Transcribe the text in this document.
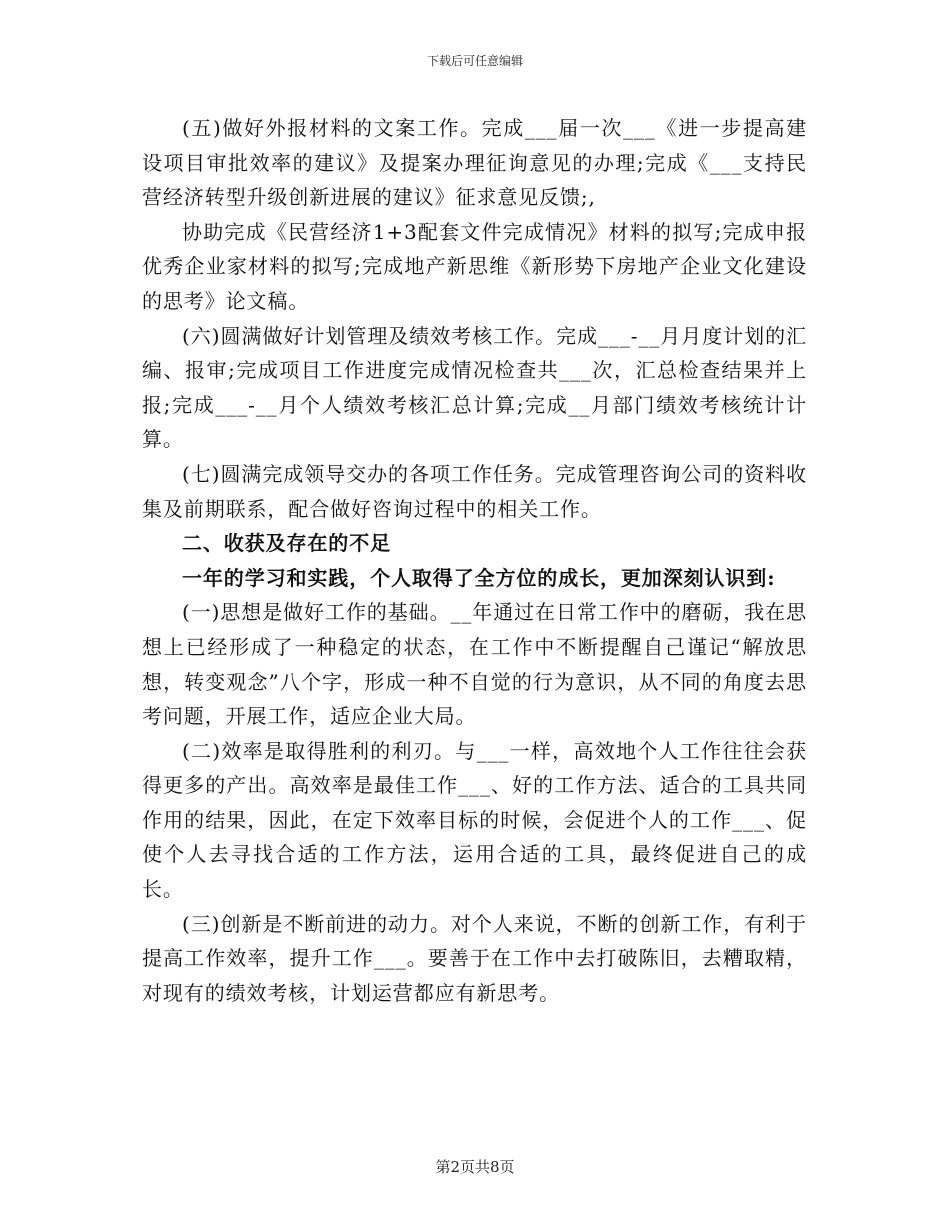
下载后可任意编辑

(五)做好外报材料的文案工作。完成___届一次___《进一步提高建设项目审批效率的建议》及提案办理征询意见的办理;完成《___支持民营经济转型升级创新进展的建议》征求意见反馈;,

协助完成《民营经济1+3配套文件完成情况》材料的拟写;完成申报优秀企业家材料的拟写;完成地产新思维《新形势下房地产企业文化建设的思考》论文稿。

(六)圆满做好计划管理及绩效考核工作。完成___-__月月度计划的汇编、报审;完成项目工作进度完成情况检查共___次，汇总检查结果并上报;完成___-__月个人绩效考核汇总计算;完成__月部门绩效考核统计计算。

(七)圆满完成领导交办的各项工作任务。完成管理咨询公司的资料收集及前期联系，配合做好咨询过程中的相关工作。

二、收获及存在的不足

一年的学习和实践，个人取得了全方位的成长，更加深刻认识到:

(一)思想是做好工作的基础。__年通过在日常工作中的磨砺，我在思想上已经形成了一种稳定的状态，在工作中不断提醒自己谨记“解放思想，转变观念”八个字，形成一种不自觉的行为意识，从不同的角度去思考问题，开展工作，适应企业大局。

(二)效率是取得胜利的利刃。与___一样，高效地个人工作往往会获得更多的产出。高效率是最佳工作___、好的工作方法、适合的工具共同作用的结果，因此，在定下效率目标的时候，会促进个人的工作___、促使个人去寻找合适的工作方法，运用合适的工具，最终促进自己的成长。

(三)创新是不断前进的动力。对个人来说，不断的创新工作，有利于提高工作效率，提升工作___。要善于在工作中去打破陈旧，去糟取精，对现有的绩效考核，计划运营都应有新思考。

第2页共8页
